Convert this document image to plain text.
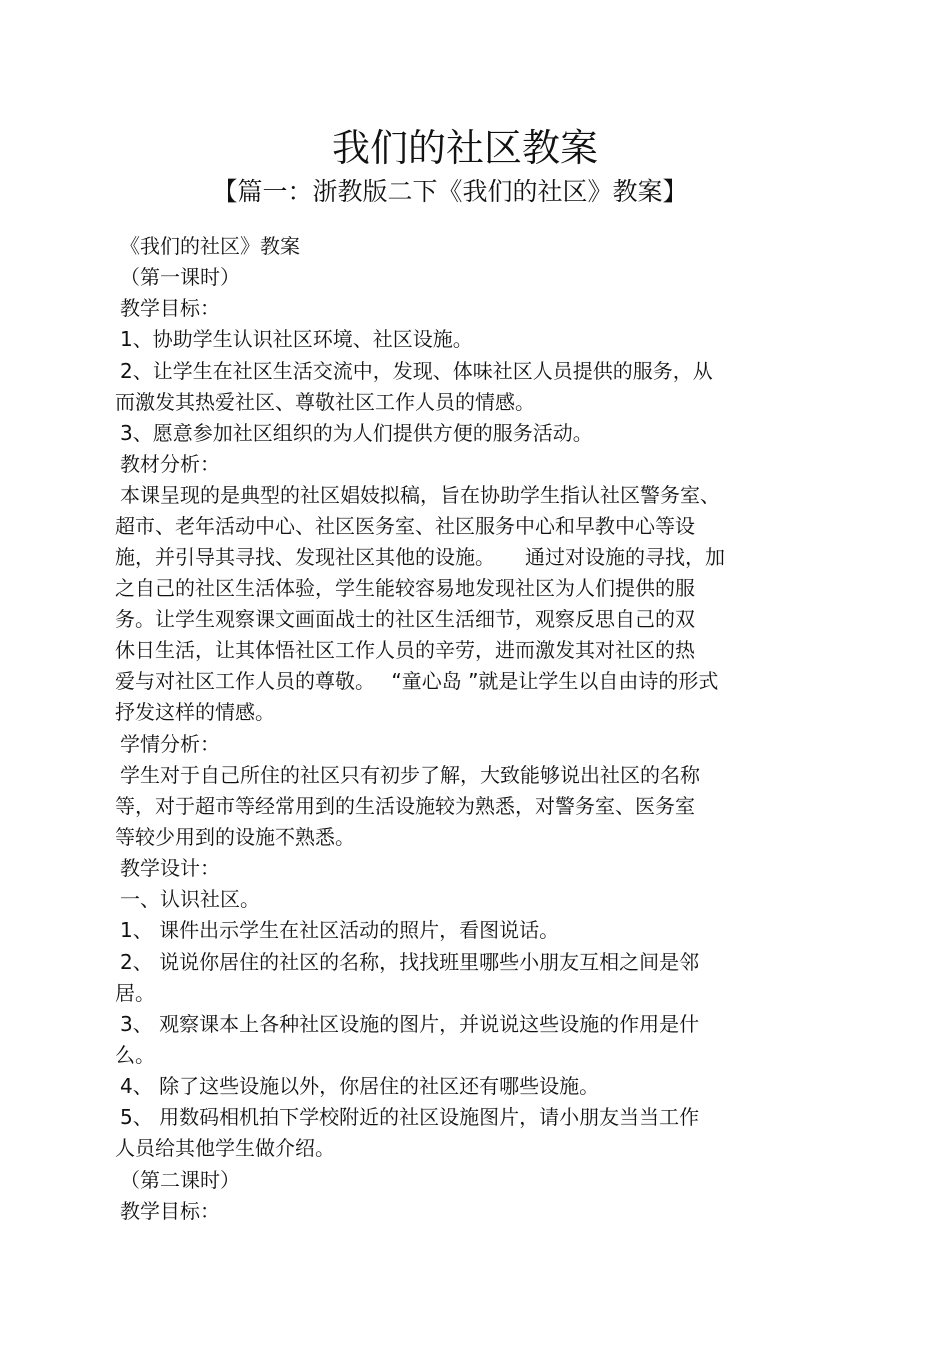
我们的社区教案
【篇一：浙教版二下《我们的社区》教案】

《我们的社区》教案

（第一课时）

教学目标：

1、协助学生认识社区环境、社区设施。

2、让学生在社区生活交流中，发现、体味社区人员提供的服务，从

而激发其热爱社区、尊敬社区工作人员的情感。

3、愿意参加社区组织的为人们提供方便的服务活动。

教材分析：

本课呈现的是典型的社区娼妓拟稿，旨在协助学生指认社区警务室、

超市、老年活动中心、社区医务室、社区服务中心和早教中心等设

施，并引导其寻找、发现社区其他的设施。　　通过对设施的寻找，加

之自己的社区生活体验，学生能较容易地发现社区为人们提供的服

务。让学生观察课文画面战士的社区生活细节，观察反思自己的双

休日生活，让其体悟社区工作人员的辛劳，进而激发其对社区的热

爱与对社区工作人员的尊敬。　 “童心岛 ”就是让学生以自由诗的形式

抒发这样的情感。

学情分析：

学生对于自己所住的社区只有初步了解，大致能够说出社区的名称

等，对于超市等经常用到的生活设施较为熟悉，对警务室、医务室

等较少用到的设施不熟悉。

教学设计：

一、认识社区。

1、 课件出示学生在社区活动的照片，看图说话。

2、 说说你居住的社区的名称，找找班里哪些小朋友互相之间是邻

居。

3、 观察课本上各种社区设施的图片，并说说这些设施的作用是什

么。

4、 除了这些设施以外，你居住的社区还有哪些设施。

5、 用数码相机拍下学校附近的社区设施图片，请小朋友当当工作

人员给其他学生做介绍。

（第二课时）

教学目标：
